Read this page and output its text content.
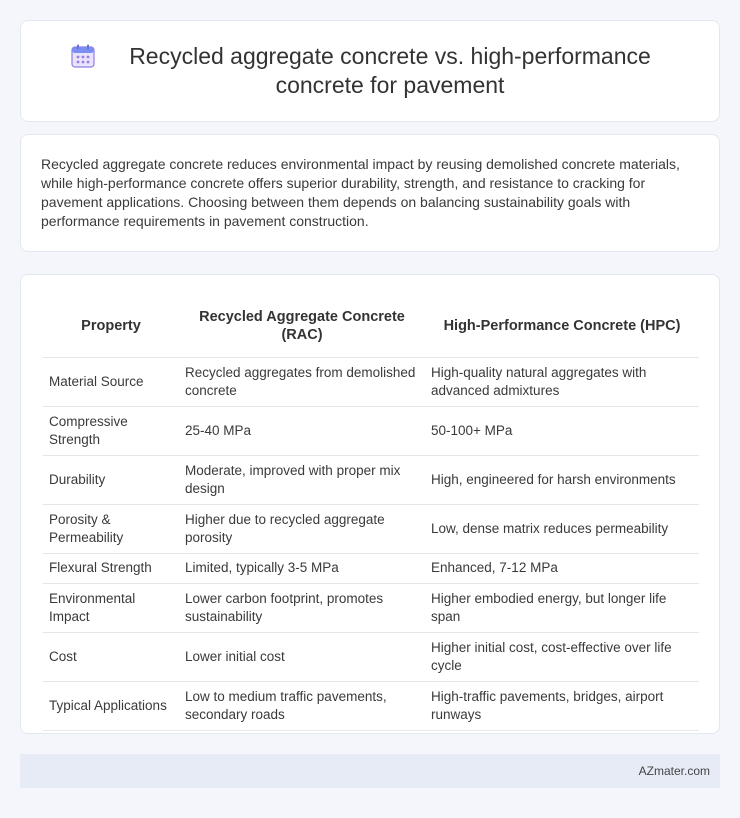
Recycled aggregate concrete vs. high-performance concrete for pavement

Recycled aggregate concrete reduces environmental impact by reusing demolished concrete materials, while high-performance concrete offers superior durability, strength, and resistance to cracking for pavement applications. Choosing between them depends on balancing sustainability goals with performance requirements in pavement construction.

Property	Recycled Aggregate Concrete (RAC)	High-Performance Concrete (HPC)
Material Source	Recycled aggregates from demolished concrete	High-quality natural aggregates with advanced admixtures
Compressive Strength	25-40 MPa	50-100+ MPa
Durability	Moderate, improved with proper mix design	High, engineered for harsh environments
Porosity & Permeability	Higher due to recycled aggregate porosity	Low, dense matrix reduces permeability
Flexural Strength	Limited, typically 3-5 MPa	Enhanced, 7-12 MPa
Environmental Impact	Lower carbon footprint, promotes sustainability	Higher embodied energy, but longer life span
Cost	Lower initial cost	Higher initial cost, cost-effective over life cycle
Typical Applications	Low to medium traffic pavements, secondary roads	High-traffic pavements, bridges, airport runways
AZmater.com
